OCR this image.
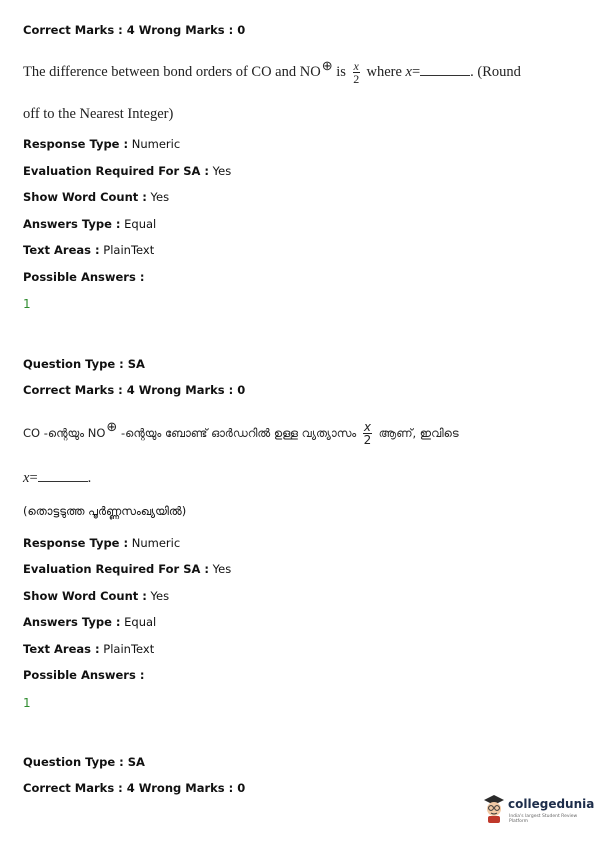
Correct Marks : 4 Wrong Marks : 0
The difference between bond orders of CO and NO⊕ is $\frac{x}{2}$ where x=	. (Round
off to the Nearest Integer)
Response Type : Numeric
Evaluation Required For SA : Yes
Show Word Count : Yes
Answers Type : Equal
Text Areas : PlainText
Possible Answers :
1
Question Type : SA
Correct Marks : 4 Wrong Marks : 0
CO -ന്റെയും NO⊕ -ന്റെയും ബോണ്ട് ഓർഡറിൽ ഉള്ള വ്യത്യാസം $\frac{x}{2}$ ആണ്, ഇവിടെ
x=	.
(തൊട്ടടുത്ത പൂർണ്ണസംഖ്യയിൽ)
Response Type : Numeric
Evaluation Required For SA : Yes
Show Word Count : Yes
Answers Type : Equal
Text Areas : PlainText
Possible Answers :
1
Question Type : SA
Correct Marks : 4 Wrong Marks : 0
collegedunia
India's largest Student Review Platform
